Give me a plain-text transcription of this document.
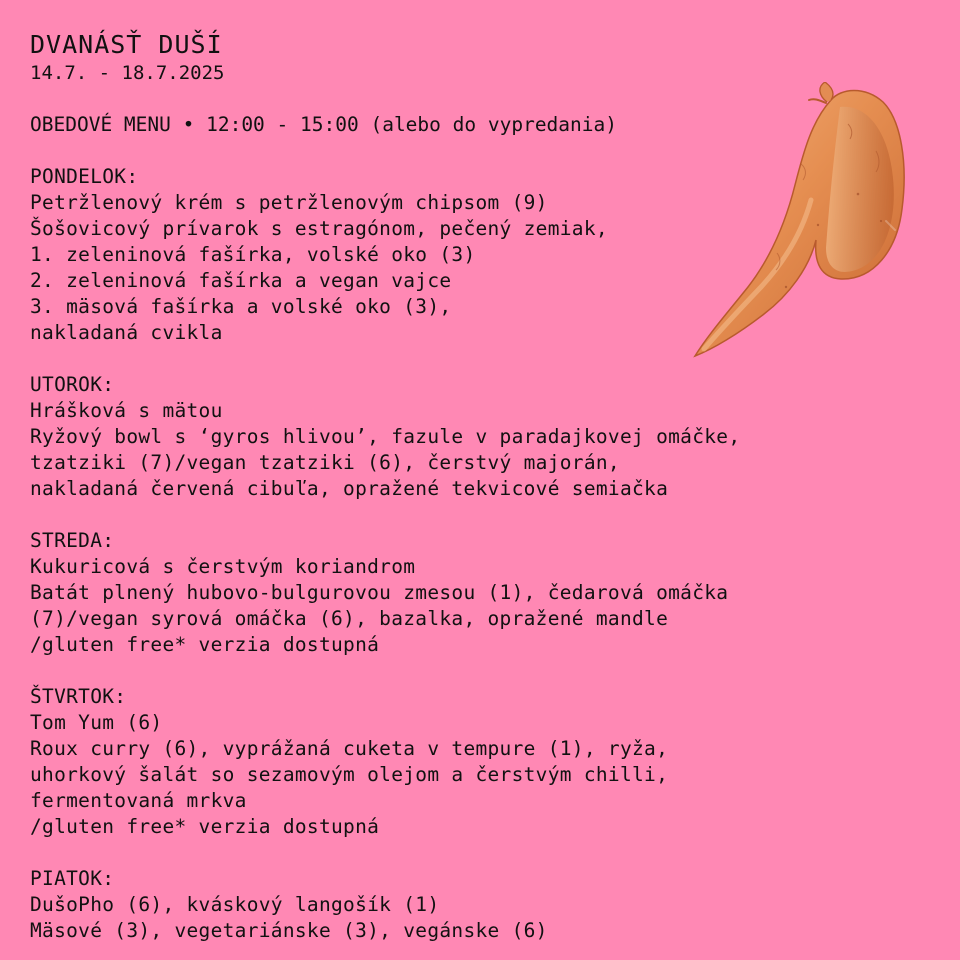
DVANÁSŤ DUŠÍ
14.7. - 18.7.2025
OBEDOVÉ MENU • 12:00 - 15:00 (alebo do vypredania)
PONDELOK:
Petržlenový krém s petržlenovým chipsom (9)
Šošovicový prívarok s estragónom, pečený zemiak,
1. zeleninová fašírka, volské oko (3)
2. zeleninová fašírka a vegan vajce
3. mäsová fašírka a volské oko (3),
nakladaná cvikla
UTOROK:
Hrášková s mätou
Ryžový bowl s ‘gyros hlivou’, fazule v paradajkovej omáčke,
tzatziki (7)/vegan tzatziki (6), čerstvý majorán,
nakladaná červená cibuľa, opražené tekvicové semiačka
STREDA:
Kukuricová s čerstvým koriandrom
Batát plnený hubovo-bulgurovou zmesou (1), čedarová omáčka
(7)/vegan syrová omáčka (6), bazalka, opražené mandle
/gluten free* verzia dostupná
ŠTVRTOK:
Tom Yum (6)
Roux curry (6), vyprážaná cuketa v tempure (1), ryža,
uhorkový šalát so sezamovým olejom a čerstvým chilli,
fermentovaná mrkva
/gluten free* verzia dostupná
PIATOK:
DušoPho (6), kváskový langošík (1)
Mäsové (3), vegetariánske (3), vegánske (6)
